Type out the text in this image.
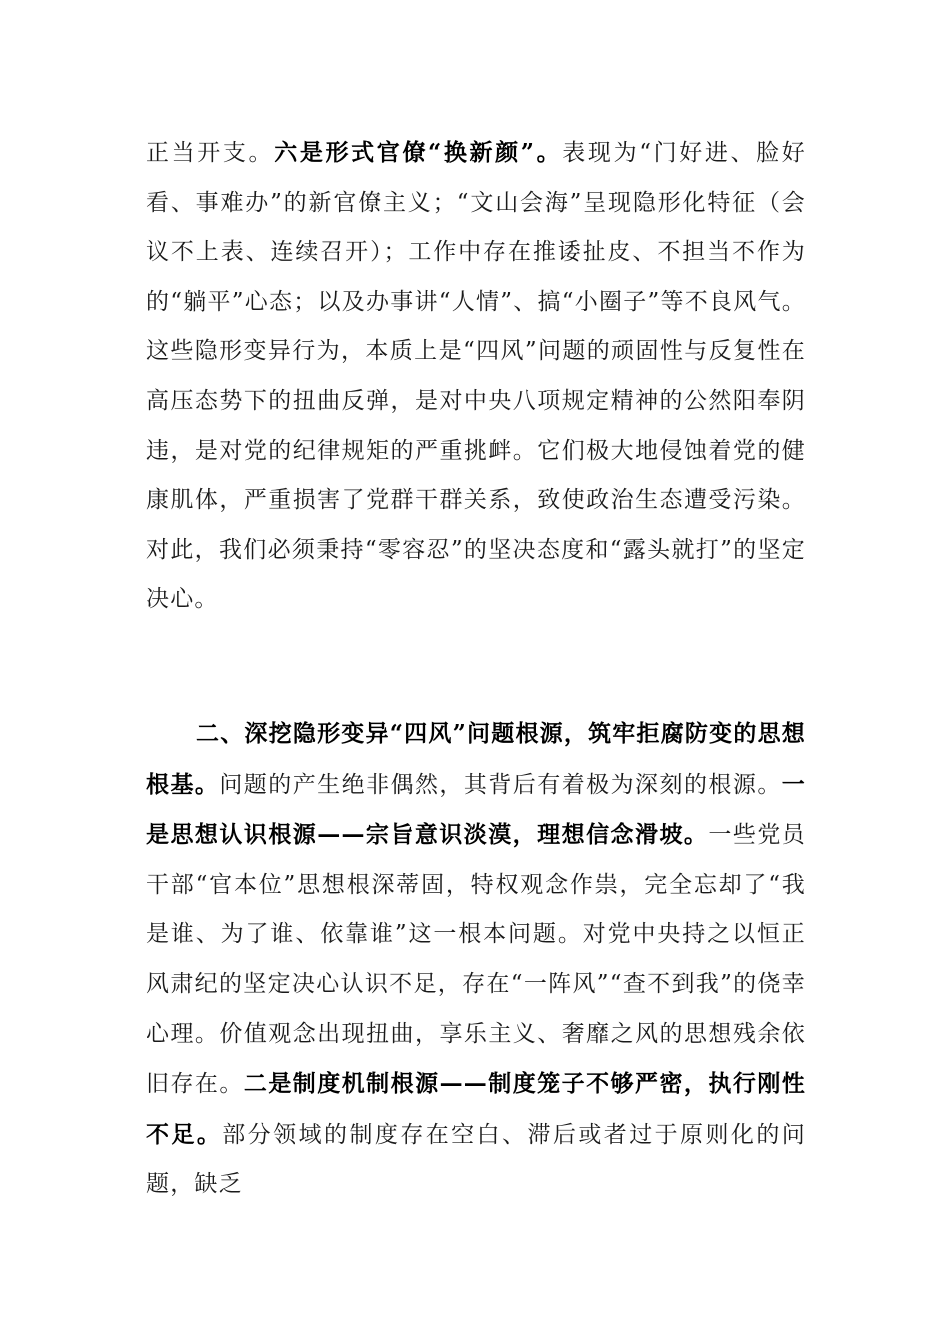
正当开支。六是形式官僚“换新颜”。表现为“门好进、脸好看、事难办”的新官僚主义；“文山会海”呈现隐形化特征（会议不上表、连续召开）；工作中存在推诿扯皮、不担当不作为的“躺平”心态；以及办事讲“人情”、搞“小圈子”等不良风气。这些隐形变异行为，本质上是“四风”问题的顽固性与反复性在高压态势下的扭曲反弹，是对中央八项规定精神的公然阳奉阴违，是对党的纪律规矩的严重挑衅。它们极大地侵蚀着党的健康肌体，严重损害了党群干群关系，致使政治生态遭受污染。对此，我们必须秉持“零容忍”的坚决态度和“露头就打”的坚定决心。

二、深挖隐形变异“四风”问题根源，筑牢拒腐防变的思想根基。问题的产生绝非偶然，其背后有着极为深刻的根源。一是思想认识根源——宗旨意识淡漠，理想信念滑坡。一些党员干部“官本位”思想根深蒂固，特权观念作祟，完全忘却了“我是谁、为了谁、依靠谁”这一根本问题。对党中央持之以恒正风肃纪的坚定决心认识不足，存在“一阵风”“查不到我”的侥幸心理。价值观念出现扭曲，享乐主义、奢靡之风的思想残余依旧存在。二是制度机制根源——制度笼子不够严密，执行刚性不足。部分领域的制度存在空白、滞后或者过于原则化的问题，缺乏
